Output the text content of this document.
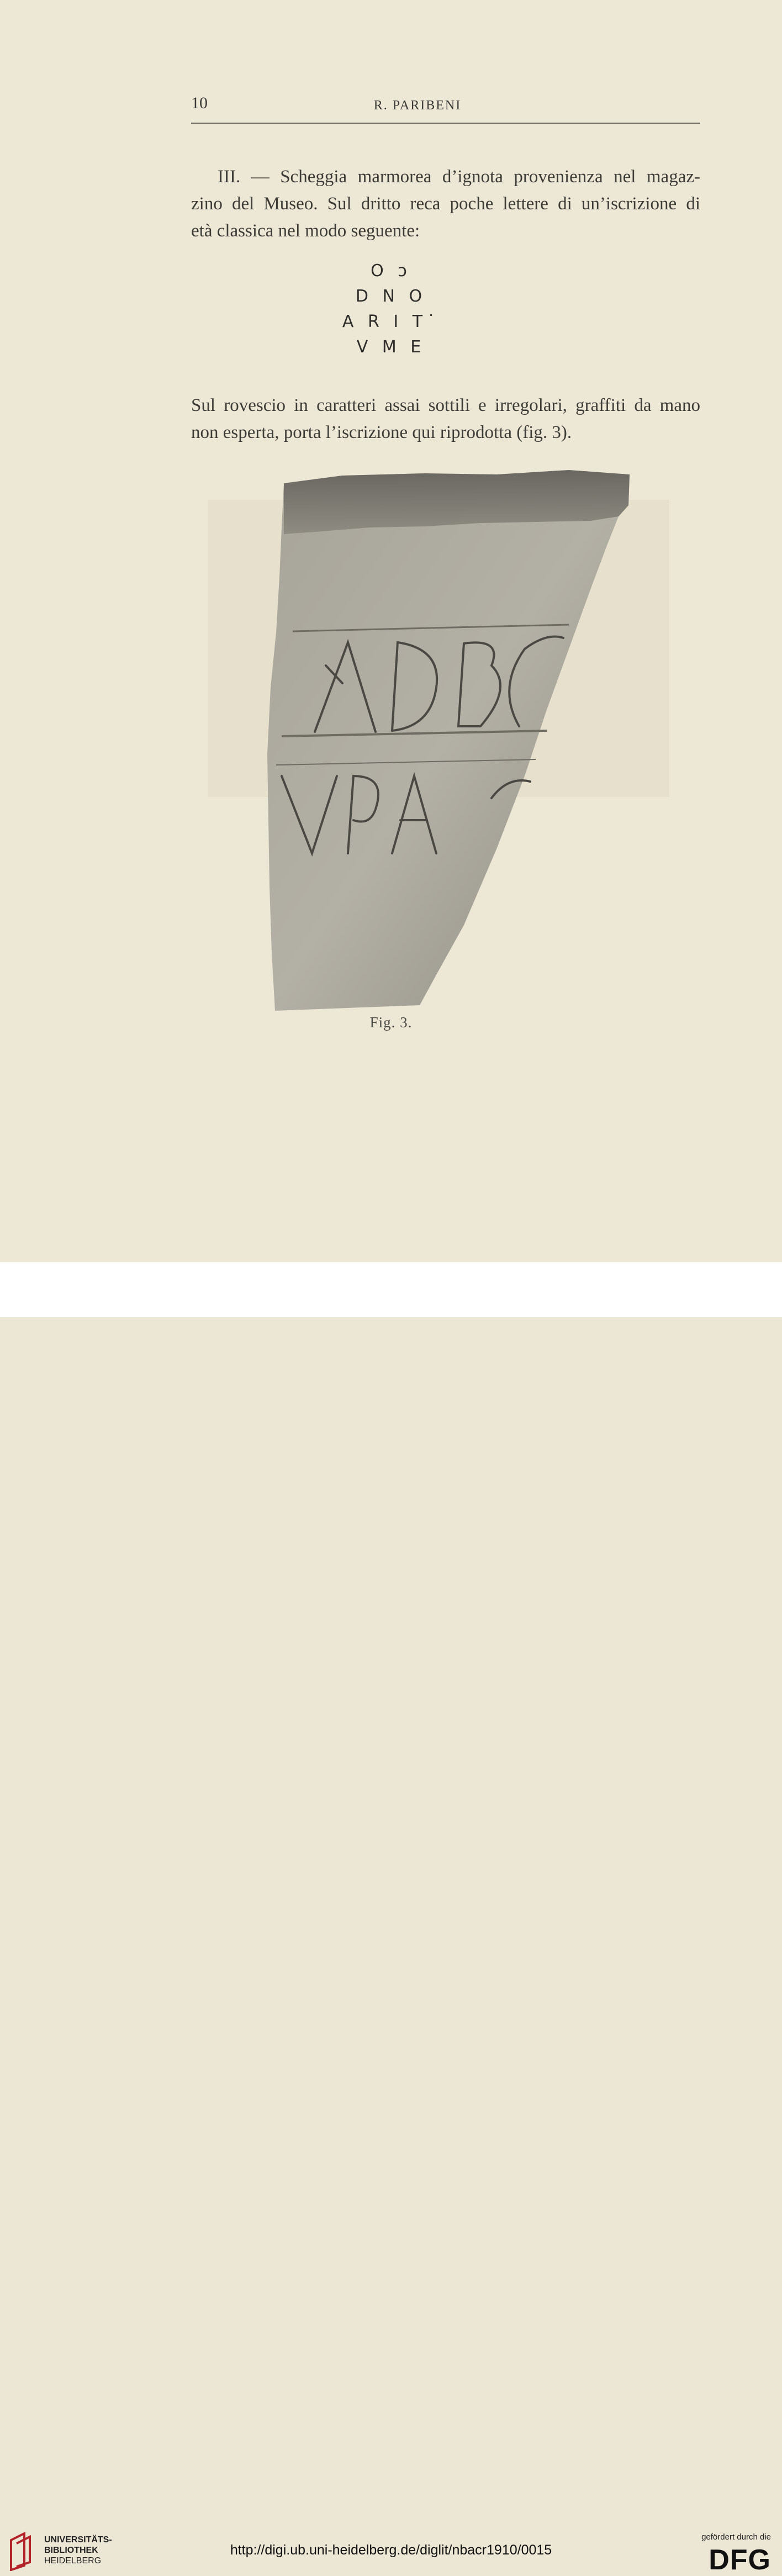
10	R. PARIBENI
III. — Scheggia marmorea d’ignota provenienza nel magaz-
zino del Museo. Sul dritto reca poche lettere di un’iscrizione di
età classica nel modo seguente:
O ͻ
D N O
A R I T˙
V M E
Sul rovescio in caratteri assai sottili e irregolari, graffiti da mano
non esperta, porta l’iscrizione qui riprodotta (fig. 3).
Fig. 3.
UNIVERSITÄTS-
BIBLIOTHEK
HEIDELBERG
http://digi.ub.uni-heidelberg.de/diglit/nbacr1910/0015
gefördert durch die
DFG
